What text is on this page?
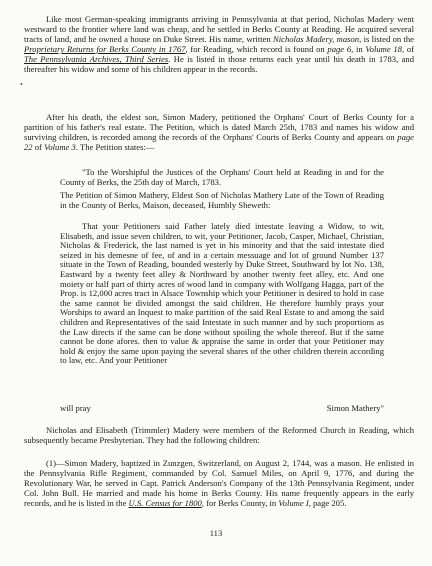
Like most German-speaking immigrants arriving in Pennsylvania at that period, Nicholas Madery went westward to the frontier where land was cheap, and he settled in Berks County at Reading. He acquired several tracts of land, and he owned a house on Duke Street. His name, written Nicholas Madery, mason, is listed on the Proprietary Returns for Berks County in 1767, for Reading, which record is found on page 6, in Volume 18, of The Pennsylvania Archives, Third Series. He is listed in those returns each year until his death in 1783, and thereafter his widow and some of his children appear in the records.

•

After his death, the eldest son, Simon Madery, petitioned the Orphans' Court of Berks County for a partition of his father's real estate. The Petition, which is dated March 25th, 1783 and names his widow and surviving children, is recorded among the records of the Orphans' Courts of Berks County and appears on page 22 of Volume 3. The Petition states:—

"To the Worshipful the Justices of the Orphans' Court held at Reading in and for the County of Berks, the 25th day of March, 1783.

The Petition of Simon Mathery, Eldest Son of Nicholas Mathery Late of the Town of Reading in the County of Berks, Maison, deceased, Humbly Sheweth:

That your Petitioners said Father lately died intestate leaving a Widow, to wit, Elisabeth, and issue seven children, to wit, your Petitioner, Jacob, Casper, Michael, Christian, Nicholas & Frederick, the last named is yet in his minority and that the said intestate died seized in his demesne of fee, of and in a certain messuage and lot of ground Number 137 situate in the Town of Reading, bounded westerly by Duke Street, Southward by lot No. 138, Eastward by a twenty feet alley & Northward by another twenty feet alley, etc. And one moiety or half part of thirty acres of wood land in company with Wolfgang Hagga, part of the Prop. is 12,000 acres tract in Alsace Township which your Petitioner is desired to hold in case the same cannot be divided amongst the said children. He therefore humbly prays your Worships to award an Inquest to make partition of the said Real Estate to and among the said children and Representatives of the said Intestate in such manner and by such proportions as the Law directs if the same can be done without spoiling the whole thereof. But if the same cannot be done afores. then to value & appraise the same in order that your Petitioner may hold & enjoy the same upon paying the several shares of the other children therein according to law, etc. And your Petitioner

will pray	Simon Mathery"

Nicholas and Elisabeth (Trimmler) Madery were members of the Reformed Church in Reading, which subsequently became Presbyterian. They had the following children:

(1)—Simon Madery, baptized in Zunzgen, Switzerland, on August 2, 1744, was a mason. He enlisted in the Pennsylvania Rifle Regiment, commanded by Col. Samuel Miles, on April 9, 1776, and during the Revolutionary War, he served in Capt. Patrick Anderson's Company of the 13th Pennsylvania Regiment, under Col. John Bull. He married and made his home in Berks County. His name frequently appears in the early records, and he is listed in the U.S. Census for 1800, for Berks County, in Volume I, page 205.

113
